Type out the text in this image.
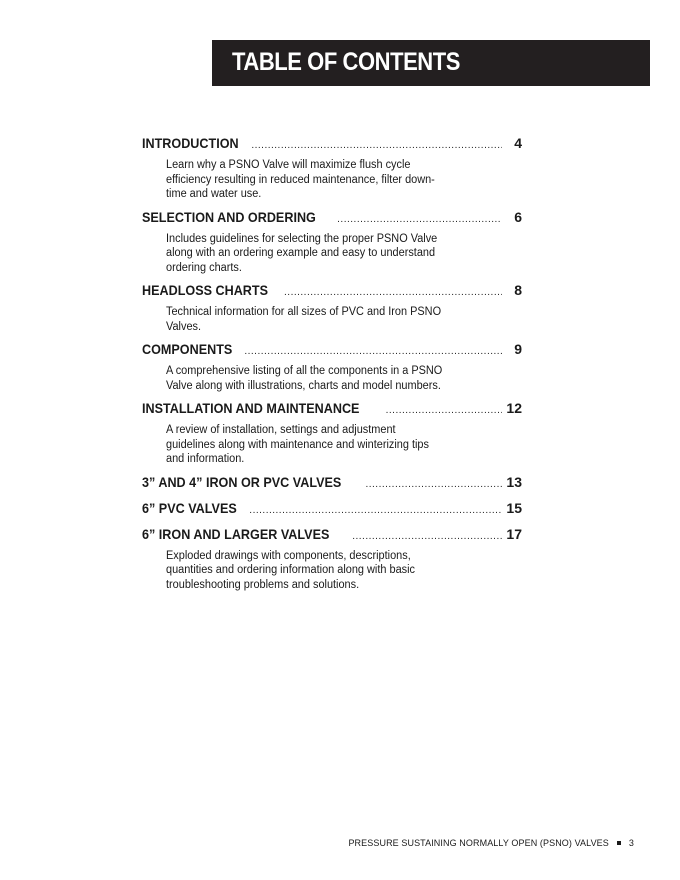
TABLE OF CONTENTS
INTRODUCTION .....	4
Learn why a PSNO Valve will maximize flush cycle
efficiency resulting in reduced maintenance, filter down-
time and water use.
SELECTION AND ORDERING .....	6
Includes guidelines for selecting the proper PSNO Valve
along with an ordering example and easy to understand
ordering charts.
HEADLOSS CHARTS .....	8
Technical information for all sizes of PVC and Iron PSNO
Valves.
COMPONENTS .....	9
A comprehensive listing of all the components in a PSNO
Valve along with illustrations, charts and model numbers.
INSTALLATION AND MAINTENANCE .....	12
A review of installation, settings and adjustment
guidelines along with maintenance and winterizing tips
and information.
3” AND 4” IRON OR PVC VALVES .....	13
6” PVC VALVES .....	15
6” IRON AND LARGER VALVES .....	17
Exploded drawings with components, descriptions,
quantities and ordering information along with basic
troubleshooting problems and solutions.
PRESSURE SUSTAINING NORMALLY OPEN (PSNO) VALVES 3
